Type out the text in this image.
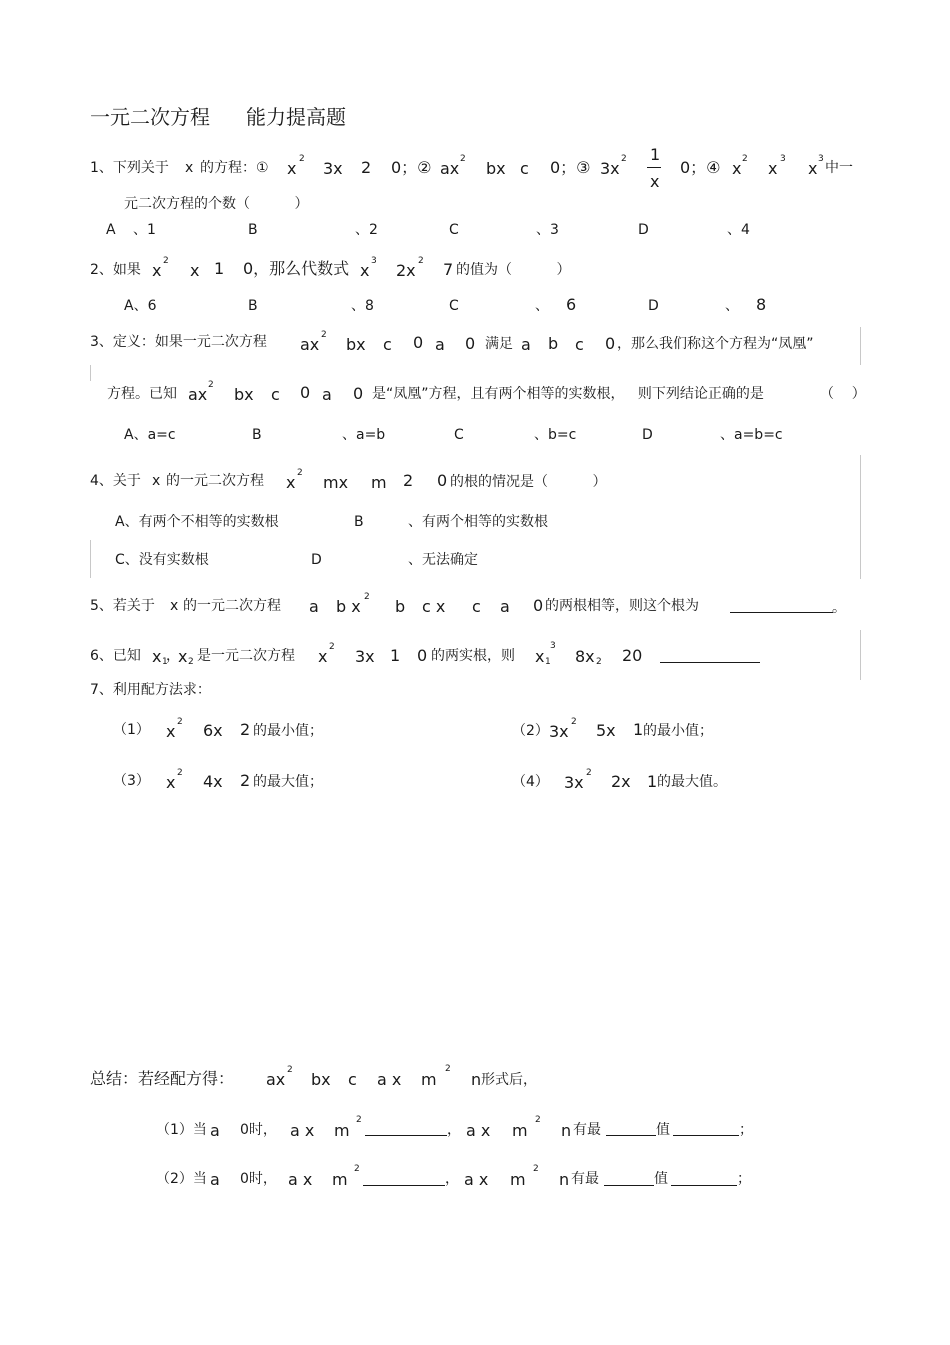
一元二次方程 能力提高题
1、下列关于 x 的方程：① x 2 3x 2 0；② ax 2 bx c 0；③ 3x 2 1
x
0；④ x 2 x 3 x 3
中一
元二次方程的个数（          ）
A 、1	B	、2	C	、3	D	、4
2、如果 x 2 x 1 0，那么代数式 x 3 2x 2 7 的值为（          ）
A、6	B	、8	C	、 6	D	、 8
3、定义：如果一元二次方程 ax 2 bx c 0 a 0 满足 a b c 0 ，那么我们称这个方程为“凤凰”
方程。已知 ax 2 bx c 0 a 0 是“凤凰”方程，且有两个相等的实数根，   则下列结论正确的是	（    ）
A、a=c	B	、a=b	C	、b=c	D	、a=b=c
4、关于 x 的一元二次方程 x 2 mx m 2 0 的根的情况是（          ）
A、有两个不相等的实数根	B	、有两个相等的实数根
C、没有实数根	D	、无法确定
5、若关于 x 的一元二次方程 a b x 2 b c x c a 0 的两根相等，则这个根为	。
6、已知 x 1
，
x 2 是一元二次方程 x 2 3x 1 0 的两实根，则 x 1
3
8x 2 20
7、利用配方法求：
（1） x 2 6x 2 的最小值；	（2） 3x 2 5x 1 的最小值；
（3） x 2 4x 2 的最大值；	（4） 3x 2 2x 1 的最大值。
总结：若经配方得： ax 2 bx c a x m
2
n 形式后，
（1）当 a 0时， a x m
2
， a x m
2
n 有最	值	；
（2）当 a 0时， a x m
2
， a x m
2
n 有最	值	；
